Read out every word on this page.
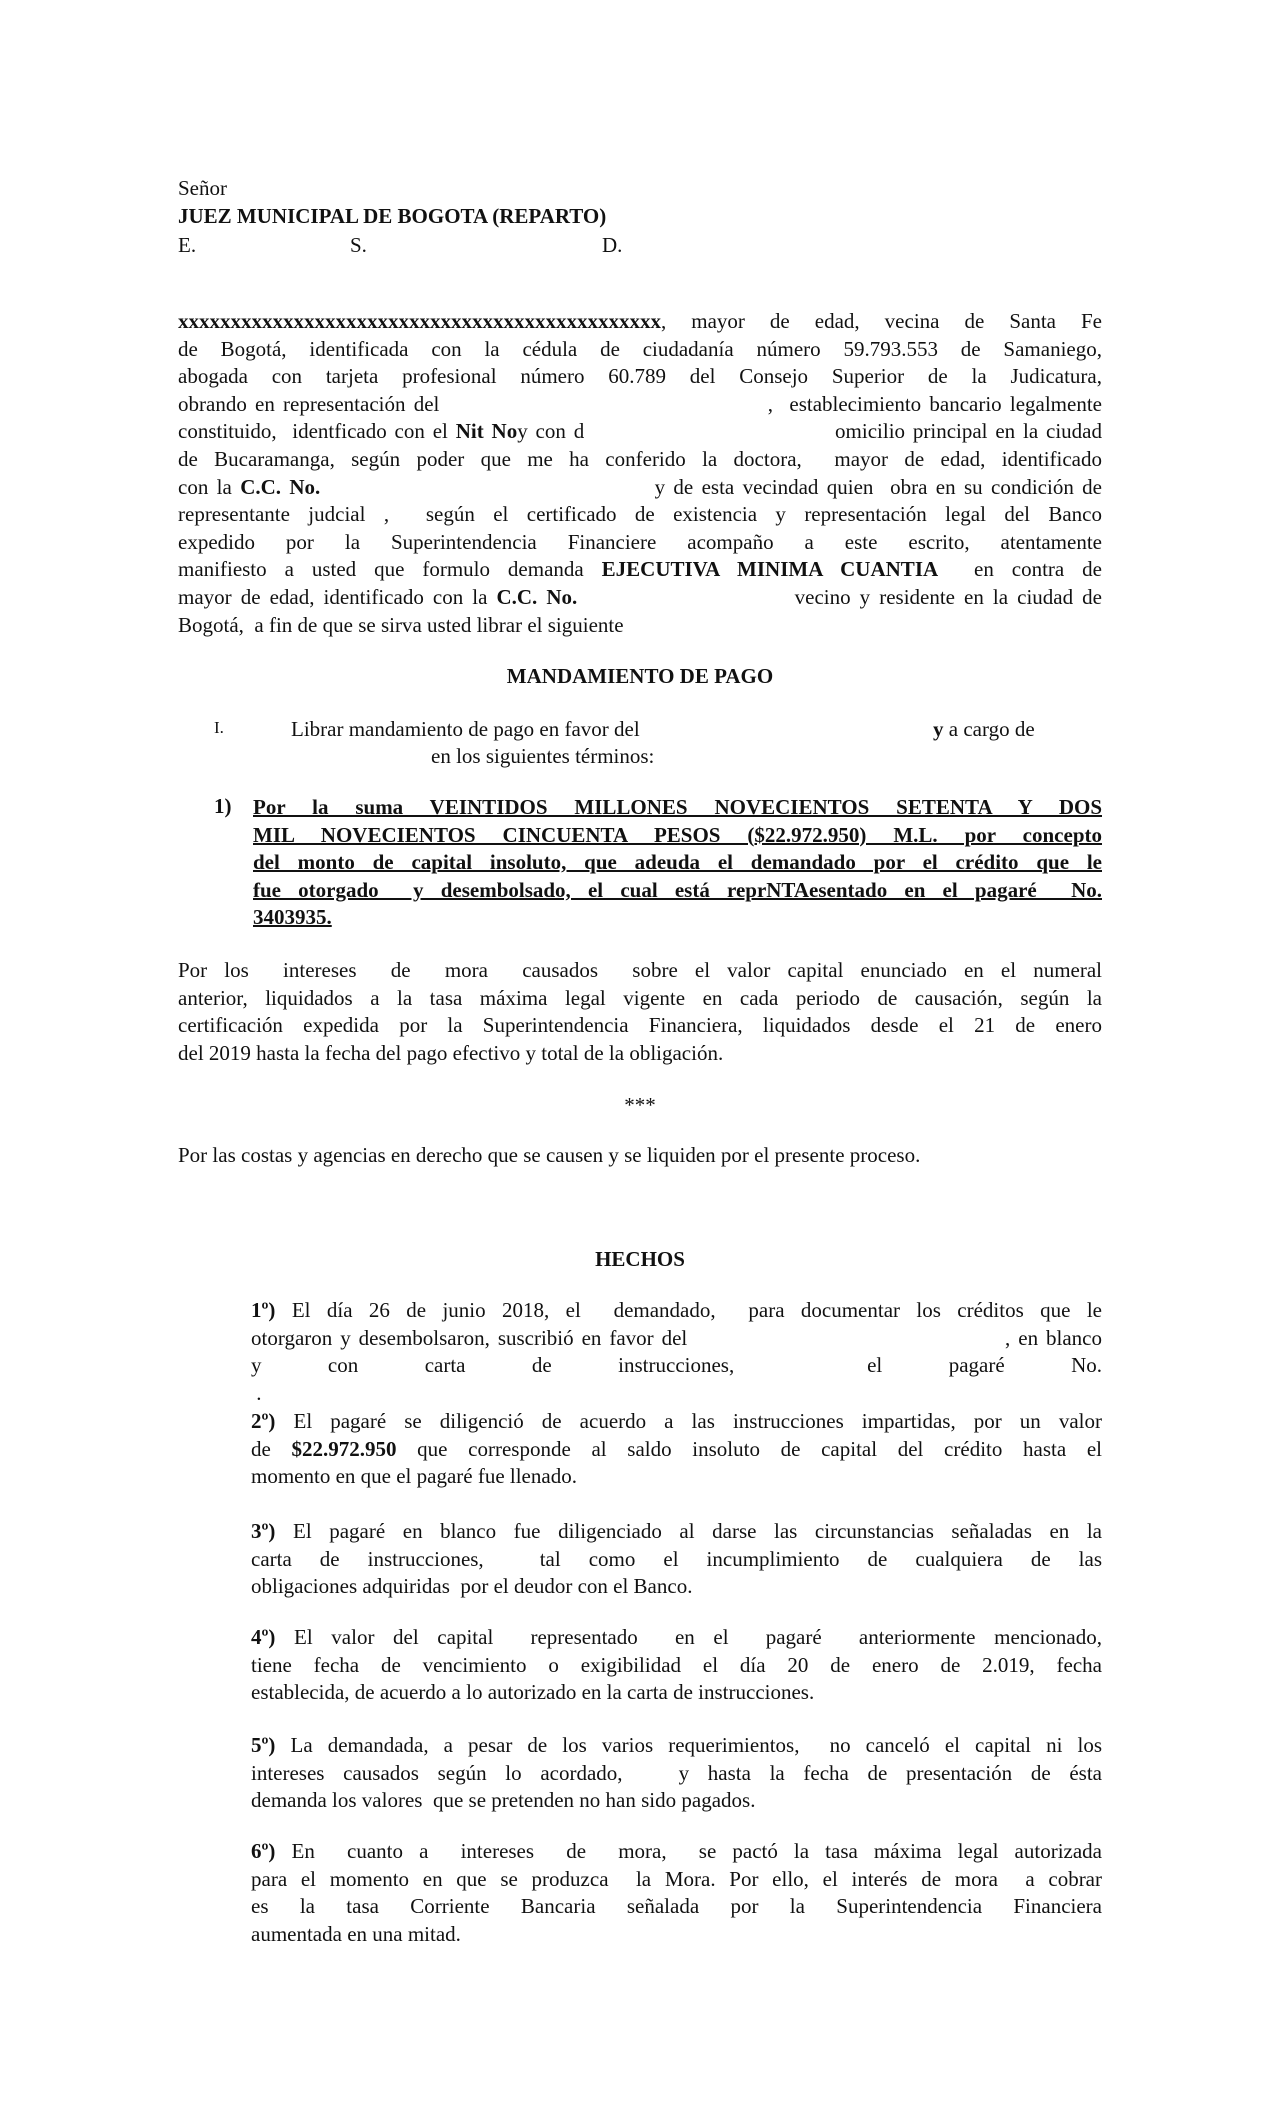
Señor
JUEZ MUNICIPAL DE BOGOTA (REPARTO)
E.	S.	D.
xxxxxxxxxxxxxxxxxxxxxxxxxxxxxxxxxxxxxxxxxxxxxx, mayor de edad, vecina de Santa Fe
de Bogotá, identificada con la cédula de ciudadanía número 59.793.553 de Samaniego,
abogada con tarjeta profesional número 60.789 del Consejo Superior de la Judicatura,
obrando en representación del                                        ,  establecimiento bancario legalmente
constituido,  identficado con el Nit Noy con d                                omicilio principal en la ciudad
de Bucaramanga, según poder que me ha conferido la doctora,  mayor de edad, identificado
con la C.C. No.                                        y de esta vecindad quien  obra en su condición de
representante judcial ,  según el certificado de existencia y representación legal del Banco
expedido por la Superintendencia Financiere acompaño a este escrito, atentamente
manifiesto a usted que formulo demanda EJECUTIVA MINIMA CUANTIA  en contra de
mayor de edad, identificado con la C.C. No.                        vecino y residente en la ciudad de
Bogotá,  a fin de que se sirva usted librar el siguiente
MANDAMIENTO DE PAGO
I.	Librar mandamiento de pago en favor del	y a cargo de
en los siguientes términos:
1) Por la suma VEINTIDOS MILLONES NOVECIENTOS SETENTA Y DOS
MIL NOVECIENTOS CINCUENTA PESOS ($22.972.950) M.L. por concepto
del monto de capital insoluto, que adeuda el demandado por el crédito que le
fue otorgado  y desembolsado, el cual está reprNTAesentado en el pagaré  No.
3403935.
Por los  intereses  de  mora  causados  sobre el valor capital enunciado en el numeral
anterior, liquidados a la tasa máxima legal vigente en cada periodo de causación, según la
certificación expedida por la Superintendencia Financiera, liquidados desde el 21 de enero
del 2019 hasta la fecha del pago efectivo y total de la obligación.
***
Por las costas y agencias en derecho que se causen y se liquiden por el presente proceso.
HECHOS
1º) El día 26 de junio 2018, el  demandado,  para documentar los créditos que le
otorgaron y desembolsaron, suscribió en favor del                                        , en blanco
y con carta de instrucciones,  el pagaré No.
.
2º) El pagaré se diligenció de acuerdo a las instrucciones impartidas, por un valor
de $22.972.950 que corresponde al saldo insoluto de capital del crédito hasta el
momento en que el pagaré fue llenado.
3º) El pagaré en blanco fue diligenciado al darse las circunstancias señaladas en la
carta de instrucciones,  tal como el incumplimiento de cualquiera de las
obligaciones adquiridas  por el deudor con el Banco.
4º) El valor del capital  representado  en el  pagaré  anteriormente mencionado,
tiene fecha de vencimiento o exigibilidad el día 20 de enero de 2.019, fecha
establecida, de acuerdo a lo autorizado en la carta de instrucciones.
5º) La demandada, a pesar de los varios requerimientos,  no canceló el capital ni los
intereses causados según lo acordado,   y hasta la fecha de presentación de ésta
demanda los valores  que se pretenden no han sido pagados.
6º) En  cuanto a  intereses  de  mora,  se pactó la tasa máxima legal autorizada
para el momento en que se produzca  la Mora. Por ello, el interés de mora  a cobrar
es la tasa Corriente Bancaria señalada por la Superintendencia Financiera
aumentada en una mitad.
